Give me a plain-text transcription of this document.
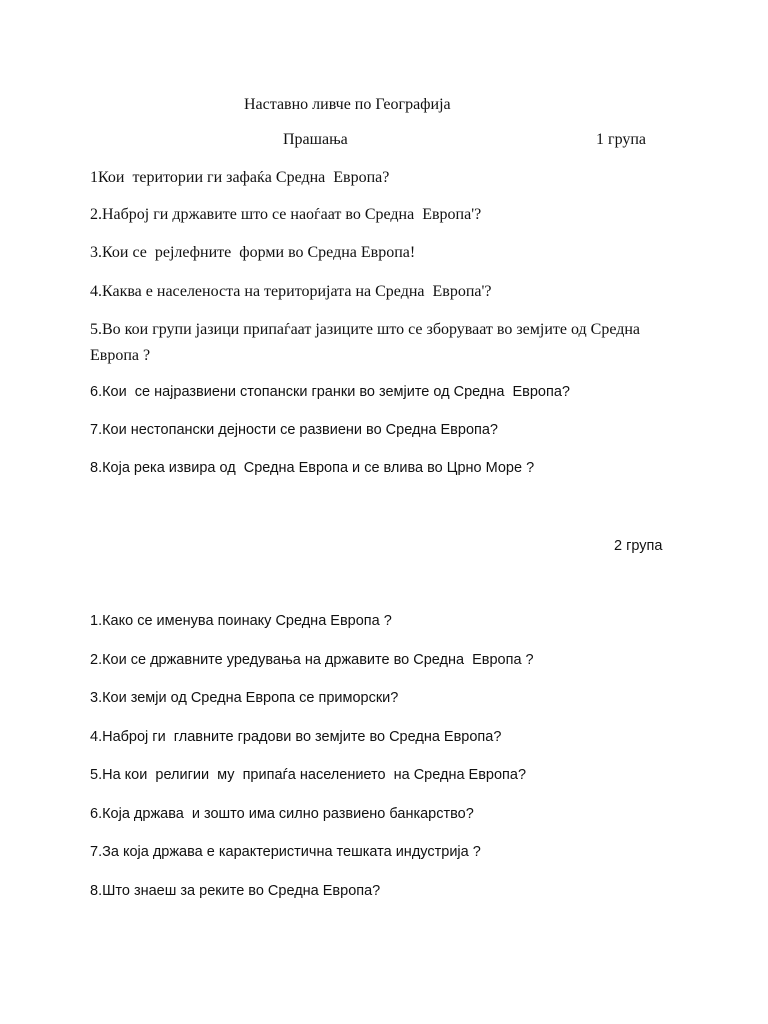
Наставно ливче по Географија
Прашања	1 група
1Кои  територии ги зафаќа Средна  Европа?
2.Наброј ги државите што се наоѓаат во Средна  Европа'?
3.Кои се  рејлефните  форми во Средна Европа!
4.Каква е населеноста на територијата на Средна  Европа'?
5.Во кои групи јазици припаѓаат јазиците што се зборуваат во земјите од Средна Европа ?
6.Кои  се најразвиени стопански гранки во земјите од Средна  Европа?
7.Кои нестопански дејности се развиени во Средна Европа?
8.Која река извира од  Средна Европа и се влива во Црно Море ?
2 група
1.Како се именува поинаку Средна Европа ?
2.Кои се државните уредувања на државите во Средна  Европа ?
3.Кои земји од Средна Европа се приморски?
4.Наброј ги  главните градови во земјите во Средна Европа?
5.На кои  религии  му  припаѓа населението  на Средна Европа?
6.Која држава  и зошто има силно развиено банкарство?
7.За која држава е карактеристична тешката индустрија ?
8.Што знаеш за реките во Средна Европа?
